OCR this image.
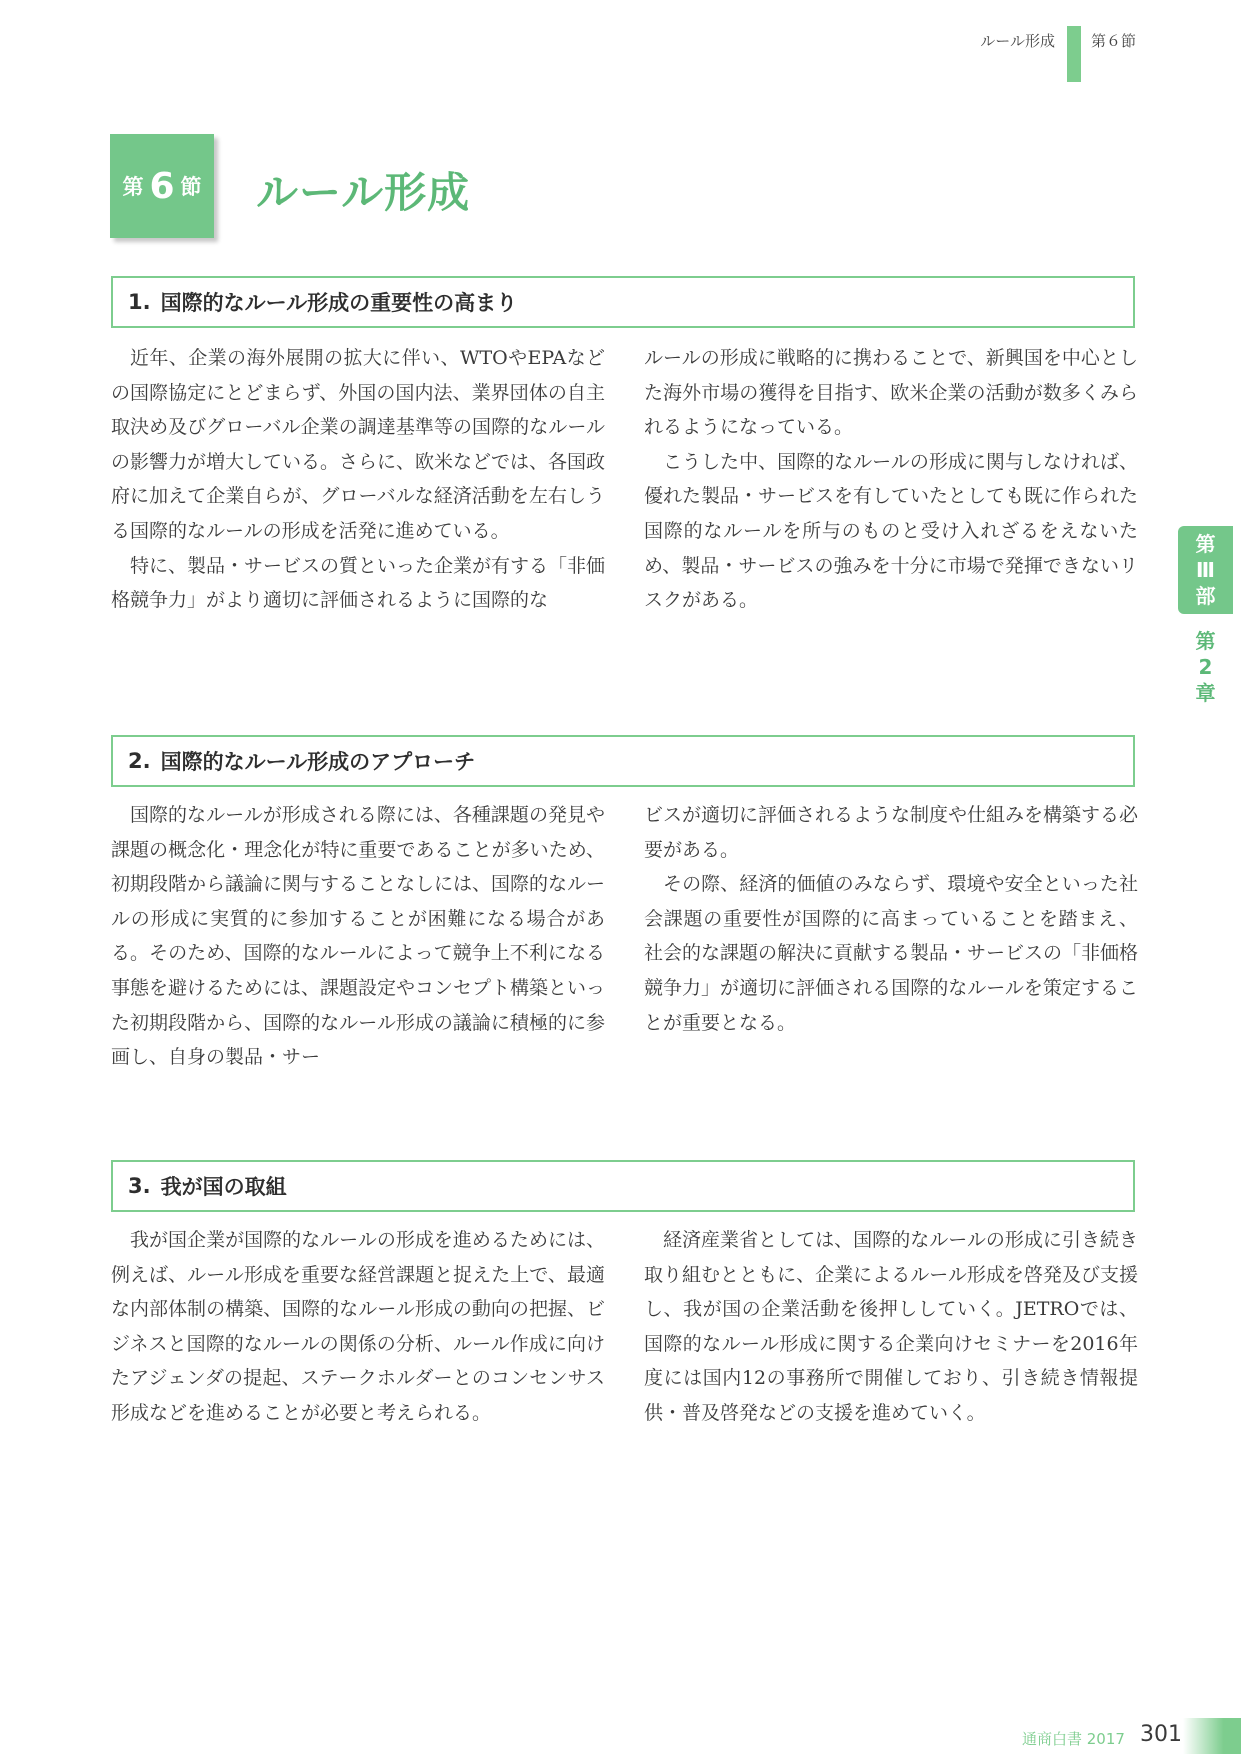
ルール形成 第６節
第 6 節 ルール形成
1. 国際的なルール形成の重要性の高まり

近年、企業の海外展開の拡大に伴い、WTOやEPAなどの国際協定にとどまらず、外国の国内法、業界団体の自主取決め及びグローバル企業の調達基準等の国際的なルールの影響力が増大している。さらに、欧米などでは、各国政府に加えて企業自らが、グローバルな経済活動を左右しうる国際的なルールの形成を活発に進めている。

特に、製品・サービスの質といった企業が有する「非価格競争力」がより適切に評価されるように国際的な

ルールの形成に戦略的に携わることで、新興国を中心とした海外市場の獲得を目指す、欧米企業の活動が数多くみられるようになっている。

こうした中、国際的なルールの形成に関与しなければ、優れた製品・サービスを有していたとしても既に作られた国際的なルールを所与のものと受け入れざるをえないため、製品・サービスの強みを十分に市場で発揮できないリスクがある。

2. 国際的なルール形成のアプローチ

国際的なルールが形成される際には、各種課題の発見や課題の概念化・理念化が特に重要であることが多いため、初期段階から議論に関与することなしには、国際的なルールの形成に実質的に参加することが困難になる場合がある。そのため、国際的なルールによって競争上不利になる事態を避けるためには、課題設定やコンセプト構築といった初期段階から、国際的なルール形成の議論に積極的に参画し、自身の製品・サー

ビスが適切に評価されるような制度や仕組みを構築する必要がある。

その際、経済的価値のみならず、環境や安全といった社会課題の重要性が国際的に高まっていることを踏まえ、社会的な課題の解決に貢献する製品・サービスの「非価格競争力」が適切に評価される国際的なルールを策定することが重要となる。

3. 我が国の取組

我が国企業が国際的なルールの形成を進めるためには、例えば、ルール形成を重要な経営課題と捉えた上で、最適な内部体制の構築、国際的なルール形成の動向の把握、ビジネスと国際的なルールの関係の分析、ルール作成に向けたアジェンダの提起、ステークホルダーとのコンセンサス形成などを進めることが必要と考えられる。

経済産業省としては、国際的なルールの形成に引き続き取り組むとともに、企業によるルール形成を啓発及び支援し、我が国の企業活動を後押ししていく。JETROでは、国際的なルール形成に関する企業向けセミナーを2016年度には国内12の事務所で開催しており、引き続き情報提供・普及啓発などの支援を進めていく。

第
Ⅲ
部
第
2
章
通商白書 2017 301
